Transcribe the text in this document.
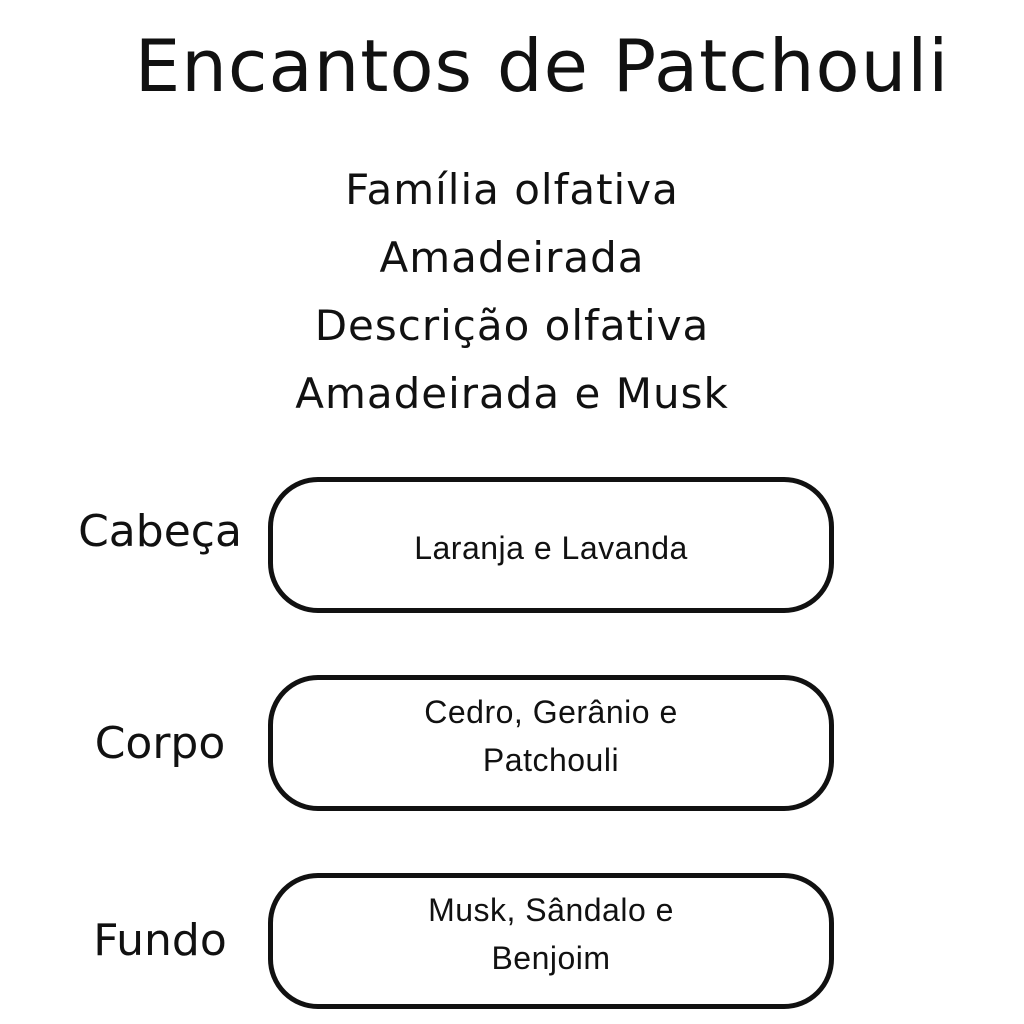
Encantos de Patchouli
Família olfativa
Amadeirada
Descrição olfativa
Amadeirada e Musk
Cabeça	Laranja e Lavanda
Corpo
Cedro, Gerânio e Patchouli
Fundo
Musk, Sândalo e Benjoim
